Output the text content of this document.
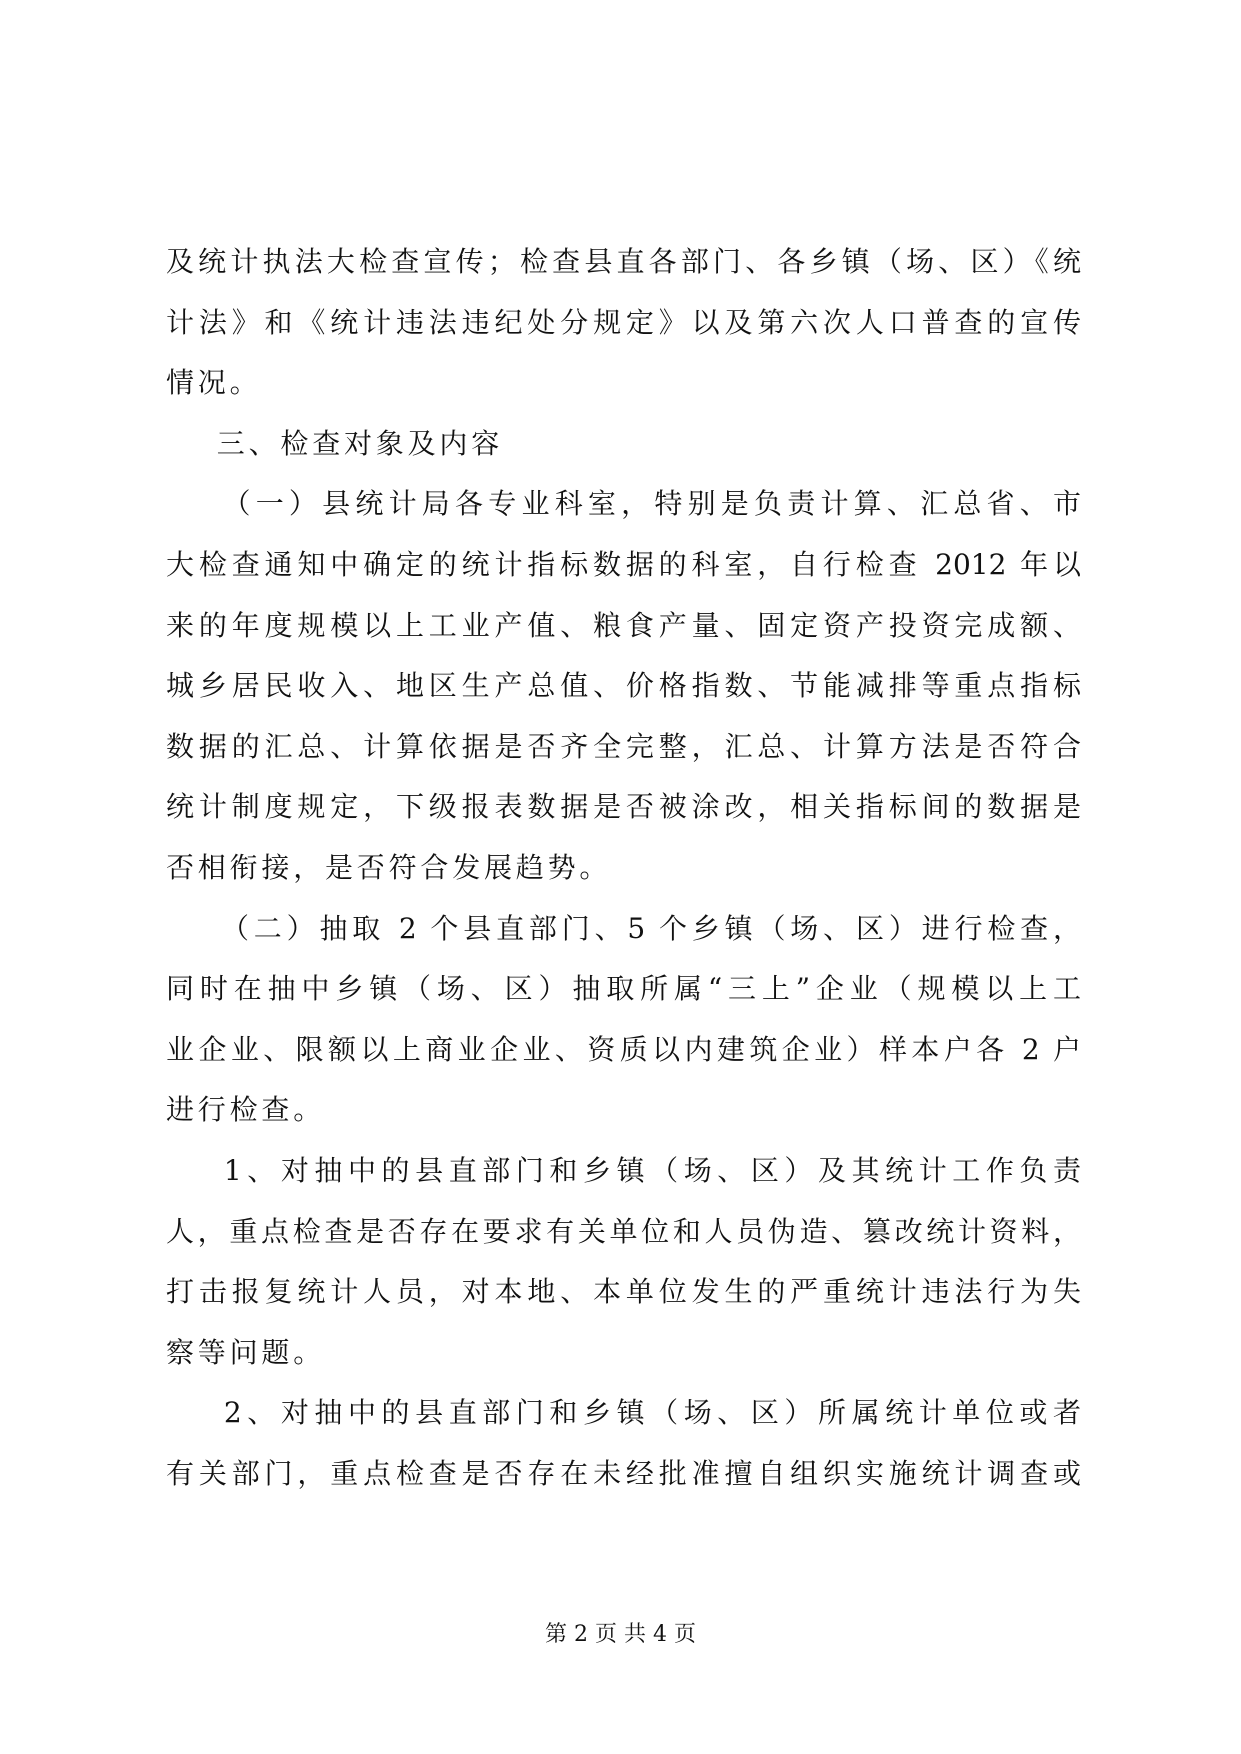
及统计执法大检查宣传；检查县直各部门、各乡镇（场、区）《统
计法》和《统计违法违纪处分规定》以及第六次人口普查的宣传
情况。
三、检查对象及内容
（一）县统计局各专业科室，特别是负责计算、汇总省、市
大检查通知中确定的统计指标数据的科室，自行检查 2012 年以
来的年度规模以上工业产值、粮食产量、固定资产投资完成额、
城乡居民收入、地区生产总值、价格指数、节能减排等重点指标
数据的汇总、计算依据是否齐全完整，汇总、计算方法是否符合
统计制度规定，下级报表数据是否被涂改，相关指标间的数据是
否相衔接，是否符合发展趋势。
（二）抽取 2 个县直部门、5 个乡镇（场、区）进行检查，
同时在抽中乡镇（场、区）抽取所属“三上”企业（规模以上工
业企业、限额以上商业企业、资质以内建筑企业）样本户各 2 户
进行检查。
1、对抽中的县直部门和乡镇（场、区）及其统计工作负责
人，重点检查是否存在要求有关单位和人员伪造、篡改统计资料，
打击报复统计人员，对本地、本单位发生的严重统计违法行为失
察等问题。
2、对抽中的县直部门和乡镇（场、区）所属统计单位或者
有关部门，重点检查是否存在未经批准擅自组织实施统计调查或
第 2 页 共 4 页
